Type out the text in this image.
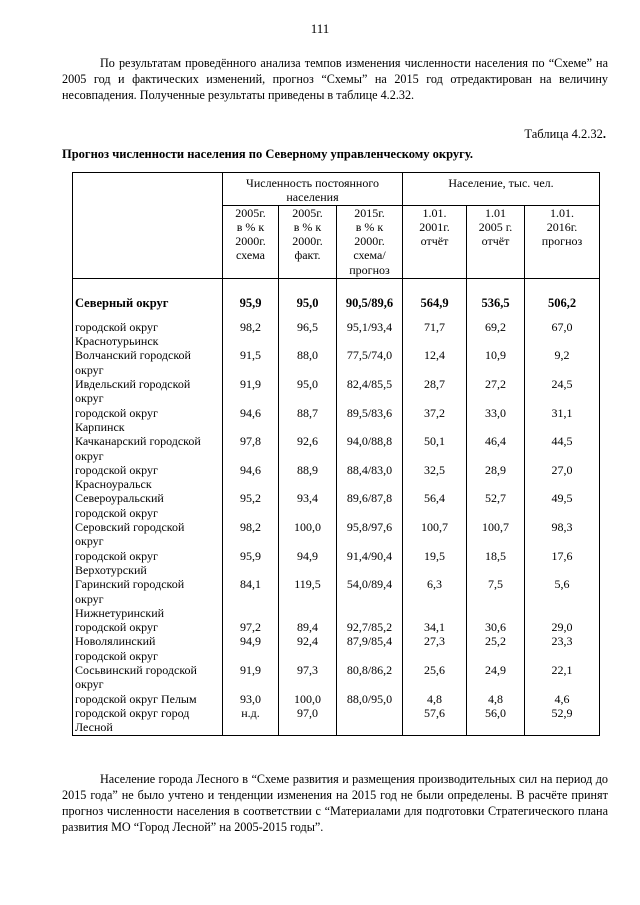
111

По результатам проведённого анализа темпов изменения численности населения по “Схеме” на 2005 год и фактических изменений, прогноз “Схемы” на 2015 год отредактирован на величину несовпадения. Полученные результаты приведены в таблице 4.2.32.

Таблица 4.2.32.
Прогноз численности населения по Северному управленческому округу.
	Численность постоянного населения			Население, тыс. чел.		
	2005г.
в % к
2000г.
схема	2005г.
в % к
2000г.
факт.	2015г.
в % к
2000г.
схема/
прогноз	1.01.
2001г.
отчёт	1.01
2005 г.
отчёт	1.01.
2016г.
прогноз
Северный округ	95,9	95,0	90,5/89,6	564,9	536,5	506,2
городской округ
Краснотурьинск	98,2	96,5	95,1/93,4	71,7	69,2	67,0
Волчанский городской
округ	91,5	88,0	77,5/74,0	12,4	10,9	9,2
Ивдельский городской
округ	91,9	95,0	82,4/85,5	28,7	27,2	24,5
городской округ
Карпинск	94,6	88,7	89,5/83,6	37,2	33,0	31,1
Качканарский городской
округ	97,8	92,6	94,0/88,8	50,1	46,4	44,5
городской округ
Красноуральск	94,6	88,9	88,4/83,0	32,5	28,9	27,0
Североуральский
городской округ	95,2	93,4	89,6/87,8	56,4	52,7	49,5
Серовский городской
округ	98,2	100,0	95,8/97,6	100,7	100,7	98,3
городской округ
Верхотурский	95,9	94,9	91,4/90,4	19,5	18,5	17,6
Гаринский городской
округ	84,1	119,5	54,0/89,4	6,3	7,5	5,6
Нижнетуринский
городской округ	97,2	89,4	92,7/85,2	34,1	30,6	29,0
Новолялинский
городской округ	94,9	92,4	87,9/85,4	27,3	25,2	23,3
Сосьвинский городской
округ	91,9	97,3	80,8/86,2	25,6	24,9	22,1
городской округ Пелым	93,0	100,0	88,0/95,0	4,8	4,8	4,6
городской округ город
Лесной	н.д.	97,0		57,6	56,0	52,9

Население города Лесного в “Схеме развития и размещения производительных сил на период до 2015 года” не было учтено и тенденции изменения на 2015 год не были определены. В расчёте принят прогноз численности населения в соответствии с “Материалами для подготовки Стратегического плана развития МО “Город Лесной” на 2005-2015 годы”.
